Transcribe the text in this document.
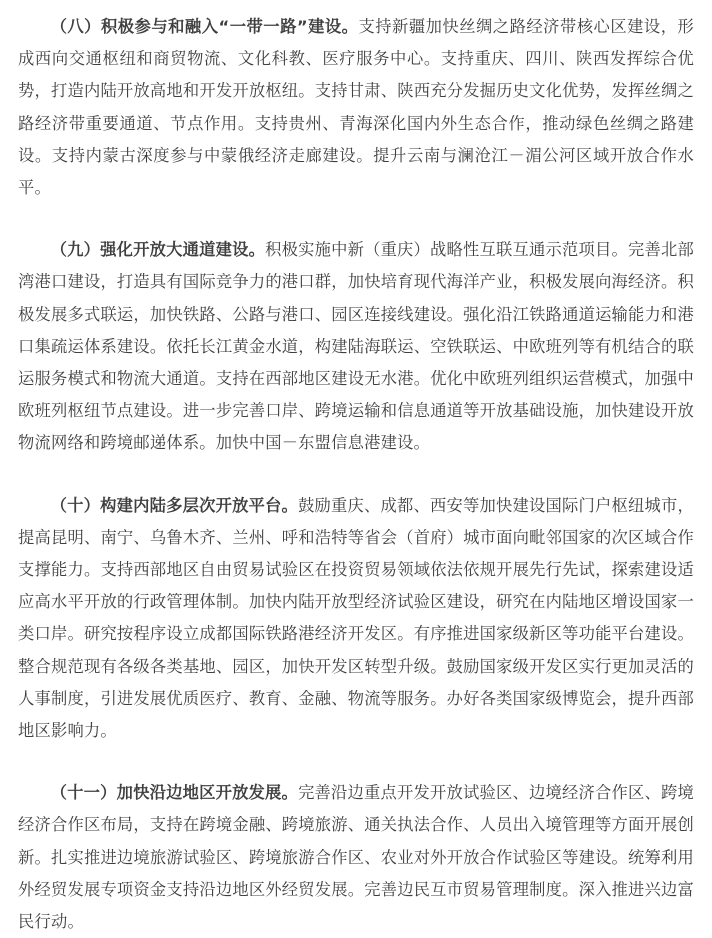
（八）积极参与和融入“一带一路”建设。支持新疆加快丝绸之路经济带核心区建设，形成西向交通枢纽和商贸物流、文化科教、医疗服务中心。支持重庆、四川、陕西发挥综合优势，打造内陆开放高地和开发开放枢纽。支持甘肃、陕西充分发掘历史文化优势，发挥丝绸之路经济带重要通道、节点作用。支持贵州、青海深化国内外生态合作，推动绿色丝绸之路建设。支持内蒙古深度参与中蒙俄经济走廊建设。提升云南与澜沧江－湄公河区域开放合作水平。

（九）强化开放大通道建设。积极实施中新（重庆）战略性互联互通示范项目。完善北部湾港口建设，打造具有国际竞争力的港口群，加快培育现代海洋产业，积极发展向海经济。积极发展多式联运，加快铁路、公路与港口、园区连接线建设。强化沿江铁路通道运输能力和港口集疏运体系建设。依托长江黄金水道，构建陆海联运、空铁联运、中欧班列等有机结合的联运服务模式和物流大通道。支持在西部地区建设无水港。优化中欧班列组织运营模式，加强中欧班列枢纽节点建设。进一步完善口岸、跨境运输和信息通道等开放基础设施，加快建设开放物流网络和跨境邮递体系。加快中国－东盟信息港建设。

（十）构建内陆多层次开放平台。鼓励重庆、成都、西安等加快建设国际门户枢纽城市，提高昆明、南宁、乌鲁木齐、兰州、呼和浩特等省会（首府）城市面向毗邻国家的次区域合作支撑能力。支持西部地区自由贸易试验区在投资贸易领域依法依规开展先行先试，探索建设适应高水平开放的行政管理体制。加快内陆开放型经济试验区建设，研究在内陆地区增设国家一类口岸。研究按程序设立成都国际铁路港经济开发区。有序推进国家级新区等功能平台建设。整合规范现有各级各类基地、园区，加快开发区转型升级。鼓励国家级开发区实行更加灵活的人事制度，引进发展优质医疗、教育、金融、物流等服务。办好各类国家级博览会，提升西部地区影响力。

（十一）加快沿边地区开放发展。完善沿边重点开发开放试验区、边境经济合作区、跨境经济合作区布局，支持在跨境金融、跨境旅游、通关执法合作、人员出入境管理等方面开展创新。扎实推进边境旅游试验区、跨境旅游合作区、农业对外开放合作试验区等建设。统筹利用外经贸发展专项资金支持沿边地区外经贸发展。完善边民互市贸易管理制度。深入推进兴边富民行动。
